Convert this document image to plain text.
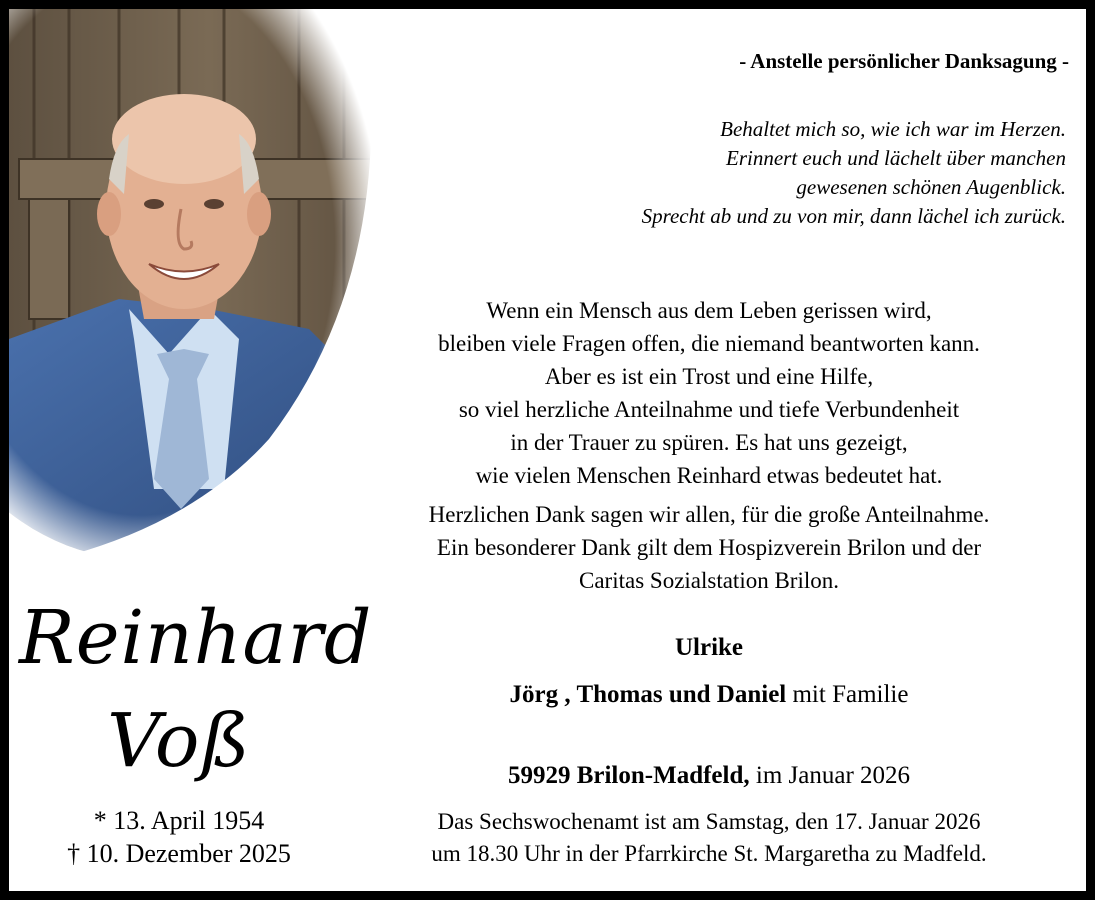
- Anstelle persönlicher Danksagung -
Behaltet mich so, wie ich war im Herzen.
Erinnert euch und lächelt über manchen
gewesenen schönen Augenblick.
Sprecht ab und zu von mir, dann lächel ich zurück.
Wenn ein Mensch aus dem Leben gerissen wird,
bleiben viele Fragen offen, die niemand beantworten kann.
Aber es ist ein Trost und eine Hilfe,
so viel herzliche Anteilnahme und tiefe Verbundenheit
in der Trauer zu spüren. Es hat uns gezeigt,
wie vielen Menschen Reinhard etwas bedeutet hat.
Herzlichen Dank sagen wir allen, für die große Anteilnahme.
Ein besonderer Dank gilt dem Hospizverein Brilon und der
Caritas Sozialstation Brilon.
Ulrike
Jörg , Thomas und Daniel mit Familie
59929 Brilon-Madfeld, im Januar 2026
Das Sechswochenamt ist am Samstag, den 17. Januar 2026
um 18.30 Uhr in der Pfarrkirche St. Margaretha zu Madfeld.
Reinhard
Voß
* 13. April 1954
† 10. Dezember 2025
